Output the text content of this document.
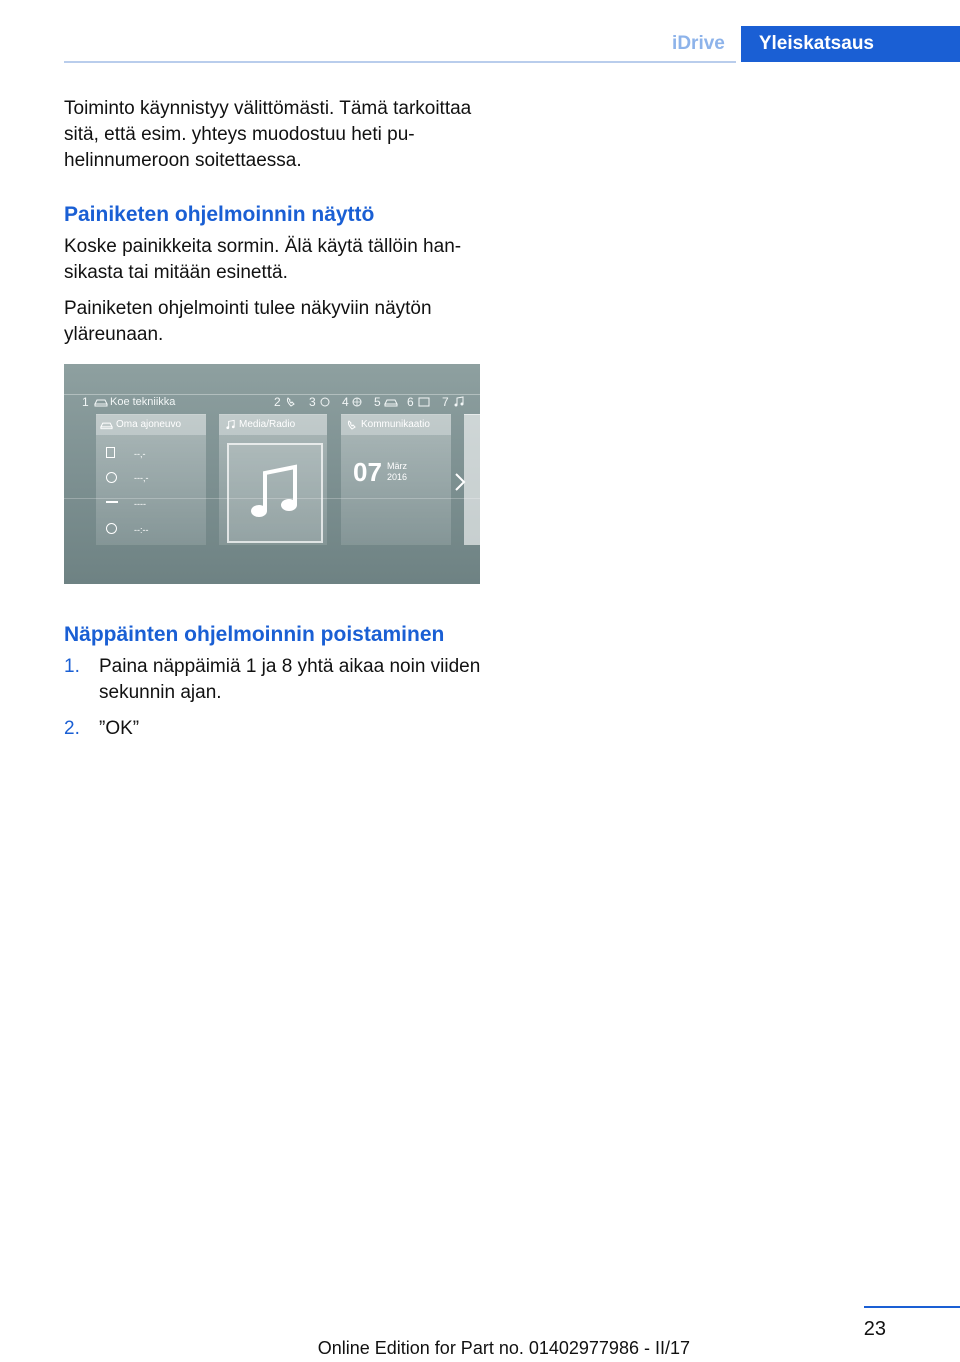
iDrive	Yleiskatsaus

Toiminto käynnistyy välittömästi. Tämä tarkoittaa sitä, että esim. yhteys muodostuu heti puhelinnumeroon soitettaessa.

Painiketen ohjelmoinnin näyttö

Koske painikkeita sormin. Älä käytä tällöin hansikasta tai mitään esinettä.

Painiketen ohjelmointi tulee näkyviin näytön yläreunaan.

1 Koe tekniikka	2 3 4 5 6 7
Oma ajoneuvo
--,-
---,-
----
--:--
Media/Radio	Kommunikaatio
07 März
2016
Näppäinten ohjelmoinnin poistaminen
1.	Paina näppäimiä 1 ja 8 yhtä aikaa noin viiden sekunnin ajan.
2.	”OK”
23
Online Edition for Part no. 01402977986 - II/17
